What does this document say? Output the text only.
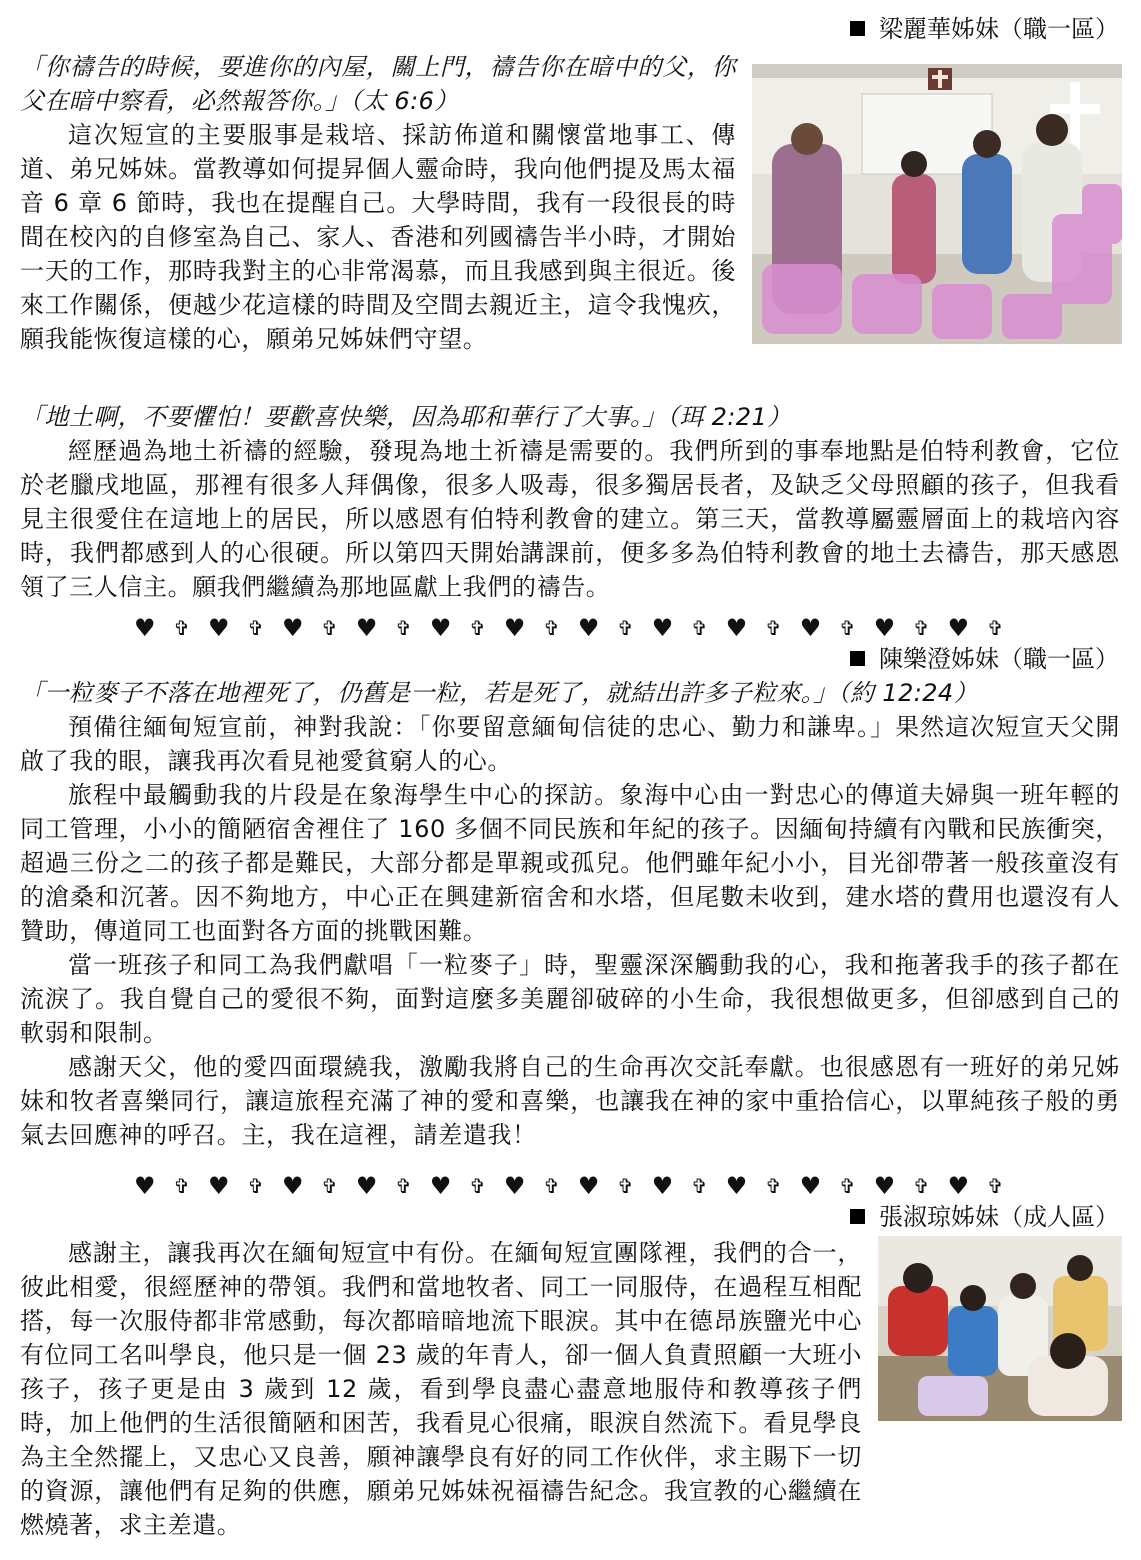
梁麗華姊妹（職一區）

「你禱告的時候，要進你的內屋，關上門，禱告你在暗中的父，你父在暗中察看，必然報答你。」（太 6:6）

這次短宣的主要服事是栽培、採訪佈道和關懷當地事工、傳道、弟兄姊妹。當教導如何提昇個人靈命時，我向他們提及馬太福音 6 章 6 節時，我也在提醒自己。大學時間，我有一段很長的時間在校內的自修室為自己、家人、香港和列國禱告半小時，才開始一天的工作，那時我對主的心非常渴慕，而且我感到與主很近。後來工作關係，便越少花這樣的時間及空間去親近主，這令我愧疚，願我能恢復這樣的心，願弟兄姊妹們守望。

「地土啊，不要懼怕！要歡喜快樂，因為耶和華行了大事。」（珥 2:21）

經歷過為地土祈禱的經驗，發現為地土祈禱是需要的。我們所到的事奉地點是伯特利教會，它位於老臘戌地區，那裡有很多人拜偶像，很多人吸毒，很多獨居長者，及缺乏父母照顧的孩子，但我看見主很愛住在這地上的居民，所以感恩有伯特利教會的建立。第三天，當教導屬靈層面上的栽培內容時，我們都感到人的心很硬。所以第四天開始講課前，便多多為伯特利教會的地土去禱告，那天感恩領了三人信主。願我們繼續為那地區獻上我們的禱告。

♥ ✞ ♥ ✞ ♥ ✞ ♥ ✞ ♥ ✞ ♥ ✞ ♥ ✞ ♥ ✞ ♥ ✞ ♥ ✞ ♥ ✞ ♥ ✞
陳樂澄姊妹（職一區）

「一粒麥子不落在地裡死了，仍舊是一粒，若是死了，就結出許多子粒來。」（約 12:24）

預備往緬甸短宣前，神對我說：「你要留意緬甸信徒的忠心、勤力和謙卑。」果然這次短宣天父開啟了我的眼，讓我再次看見祂愛貧窮人的心。

旅程中最觸動我的片段是在象海學生中心的探訪。象海中心由一對忠心的傳道夫婦與一班年輕的同工管理，小小的簡陋宿舍裡住了 160 多個不同民族和年紀的孩子。因緬甸持續有內戰和民族衝突，超過三份之二的孩子都是難民，大部分都是單親或孤兒。他們雖年紀小小，目光卻帶著一般孩童沒有的滄桑和沉著。因不夠地方，中心正在興建新宿舍和水塔，但尾數未收到，建水塔的費用也還沒有人贊助，傳道同工也面對各方面的挑戰困難。

當一班孩子和同工為我們獻唱「一粒麥子」時，聖靈深深觸動我的心，我和拖著我手的孩子都在流淚了。我自覺自己的愛很不夠，面對這麼多美麗卻破碎的小生命，我很想做更多，但卻感到自己的軟弱和限制。

感謝天父，他的愛四面環繞我，激勵我將自己的生命再次交託奉獻。也很感恩有一班好的弟兄姊妹和牧者喜樂同行，讓這旅程充滿了神的愛和喜樂，也讓我在神的家中重拾信心，以單純孩子般的勇氣去回應神的呼召。主，我在這裡，請差遣我！

♥ ✞ ♥ ✞ ♥ ✞ ♥ ✞ ♥ ✞ ♥ ✞ ♥ ✞ ♥ ✞ ♥ ✞ ♥ ✞ ♥ ✞ ♥ ✞
張淑琼姊妹（成人區）

感謝主，讓我再次在緬甸短宣中有份。在緬甸短宣團隊裡，我們的合一，彼此相愛，很經歷神的帶領。我們和當地牧者、同工一同服侍，在過程互相配搭，每一次服侍都非常感動，每次都暗暗地流下眼淚。其中在德昂族鹽光中心有位同工名叫學良，他只是一個 23 歲的年青人，卻一個人負責照顧一大班小孩子，孩子更是由 3 歲到 12 歲，看到學良盡心盡意地服侍和教導孩子們時，加上他們的生活很簡陋和困苦，我看見心很痛，眼淚自然流下。看見學良為主全然擺上，又忠心又良善，願神讓學良有好的同工作伙伴，求主賜下一切的資源，讓他們有足夠的供應，願弟兄姊妹祝福禱告紀念。我宣教的心繼續在燃燒著，求主差遣。
